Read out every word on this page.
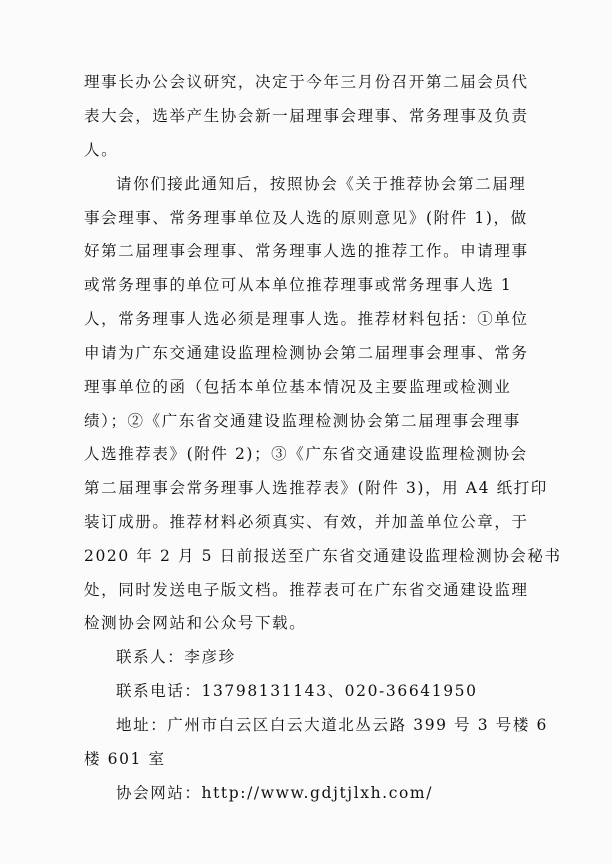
理事长办公会议研究，决定于今年三月份召开第二届会员代
表大会，选举产生协会新一届理事会理事、常务理事及负责
人。
请你们接此通知后，按照协会《关于推荐协会第二届理
事会理事、常务理事单位及人选的原则意见》(附件 1)，做
好第二届理事会理事、常务理事人选的推荐工作。申请理事
或常务理事的单位可从本单位推荐理事或常务理事人选 1
人，常务理事人选必须是理事人选。推荐材料包括：①单位
申请为广东交通建设监理检测协会第二届理事会理事、常务
理事单位的函（包括本单位基本情况及主要监理或检测业
绩）；②《广东省交通建设监理检测协会第二届理事会理事
人选推荐表》(附件 2)；③《广东省交通建设监理检测协会
第二届理事会常务理事人选推荐表》(附件 3)，用 A4 纸打印
装订成册。推荐材料必须真实、有效，并加盖单位公章，于
2020 年 2 月 5 日前报送至广东省交通建设监理检测协会秘书
处，同时发送电子版文档。推荐表可在广东省交通建设监理
检测协会网站和公众号下载。
联系人：李彦珍
联系电话：13798131143、020-36641950
地址：广州市白云区白云大道北丛云路 399 号 3 号楼 6
楼 601 室
协会网站：http://www.gdjtjlxh.com/
